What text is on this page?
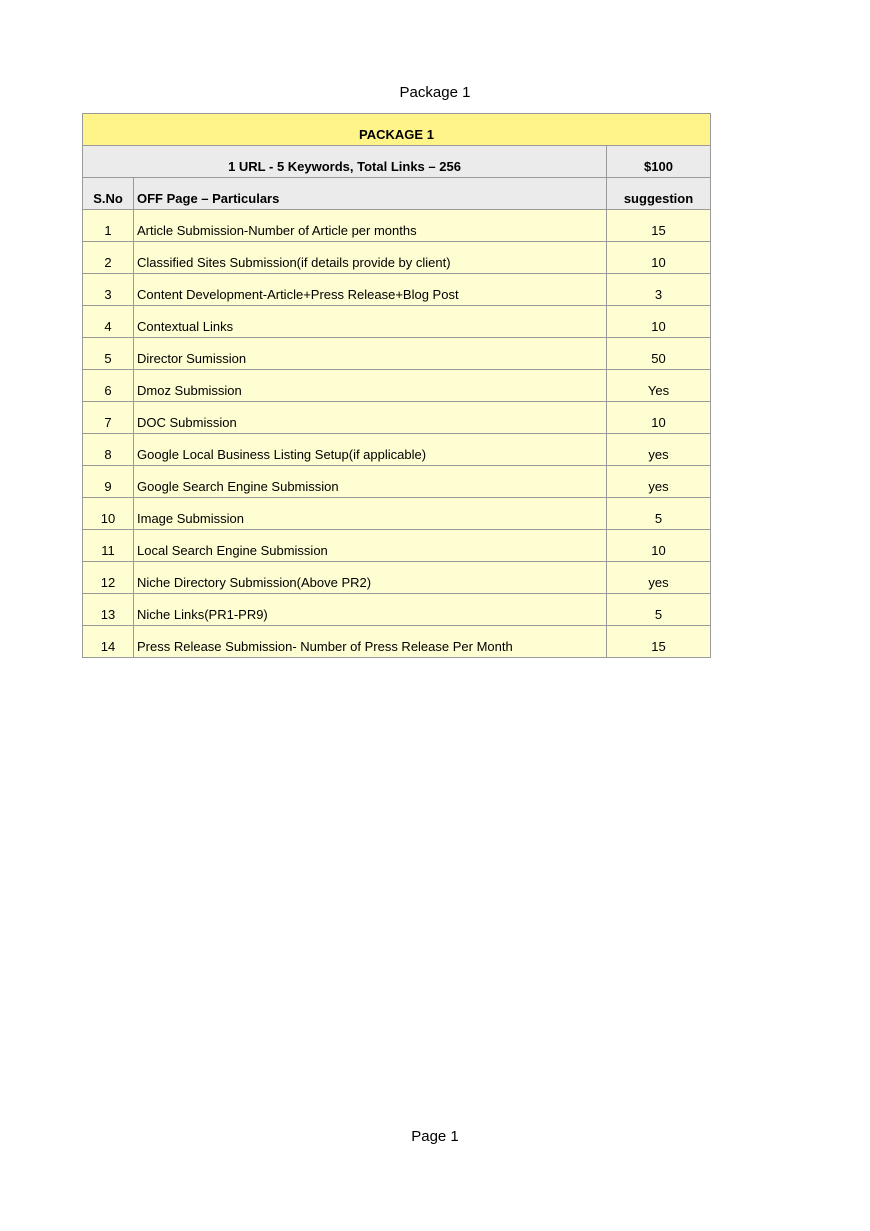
Package 1
PACKAGE 1		
1 URL - 5 Keywords, Total Links – 256		$100
S.No	OFF Page – Particulars	suggestion
1	Article Submission-Number of Article per months	15
2	Classified Sites Submission(if details provide by client)	10
3	Content Development-Article+Press Release+Blog Post	3
4	Contextual Links	10
5	Director Sumission	50
6	Dmoz Submission	Yes
7	DOC Submission	10
8	Google Local Business Listing Setup(if applicable)	yes
9	Google Search Engine Submission	yes
10	Image Submission	5
11	Local Search Engine Submission	10
12	Niche Directory Submission(Above PR2)	yes
13	Niche Links(PR1-PR9)	5
14	Press Release Submission- Number of Press Release Per Month	15
Page 1
